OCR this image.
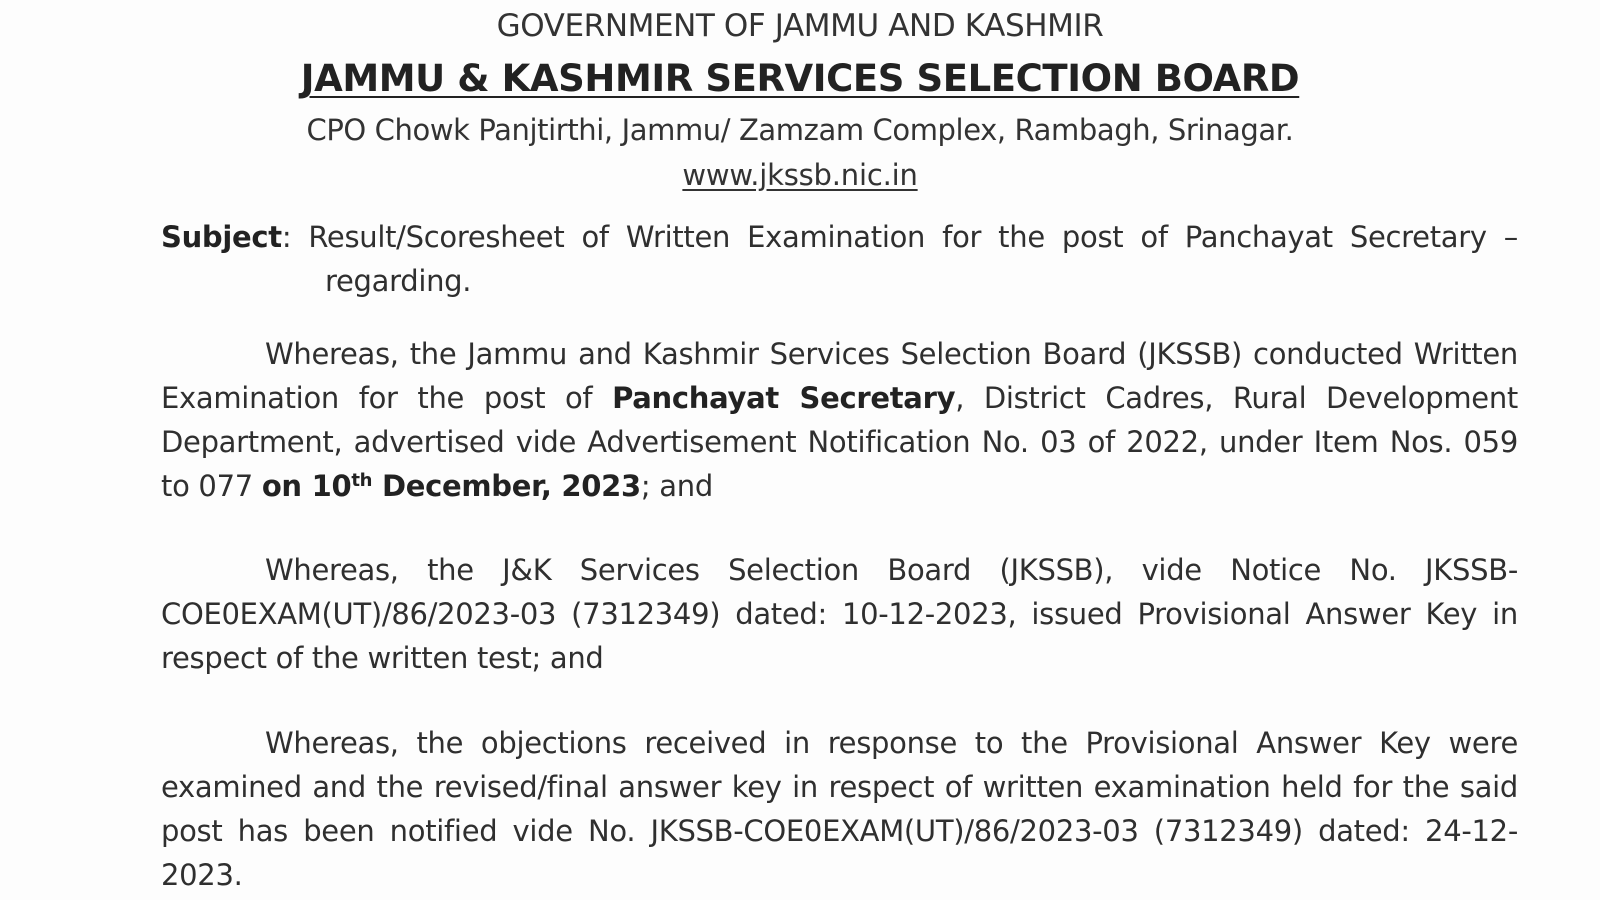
GOVERNMENT OF JAMMU AND KASHMIR
JAMMU & KASHMIR SERVICES SELECTION BOARD
CPO Chowk Panjtirthi, Jammu/ Zamzam Complex, Rambagh, Srinagar.
www.jkssb.nic.in
Subject: Result/Scoresheet of Written Examination for the post of Panchayat Secretary – regarding.
Whereas, the Jammu and Kashmir Services Selection Board (JKSSB) conducted Written Examination for the post of Panchayat Secretary, District Cadres, Rural Development Department, advertised vide Advertisement Notification No. 03 of 2022, under Item Nos. 059 to 077 on 10th December, 2023; and
Whereas, the J&K Services Selection Board (JKSSB), vide Notice No. JKSSB-COE0EXAM(UT)/86/2023-03 (7312349) dated: 10-12-2023, issued Provisional Answer Key in respect of the written test; and
Whereas, the objections received in response to the Provisional Answer Key were examined and the revised/final answer key in respect of written examination held for the said post has been notified vide No. JKSSB-COE0EXAM(UT)/86/2023-03 (7312349) dated: 24-12-2023.
